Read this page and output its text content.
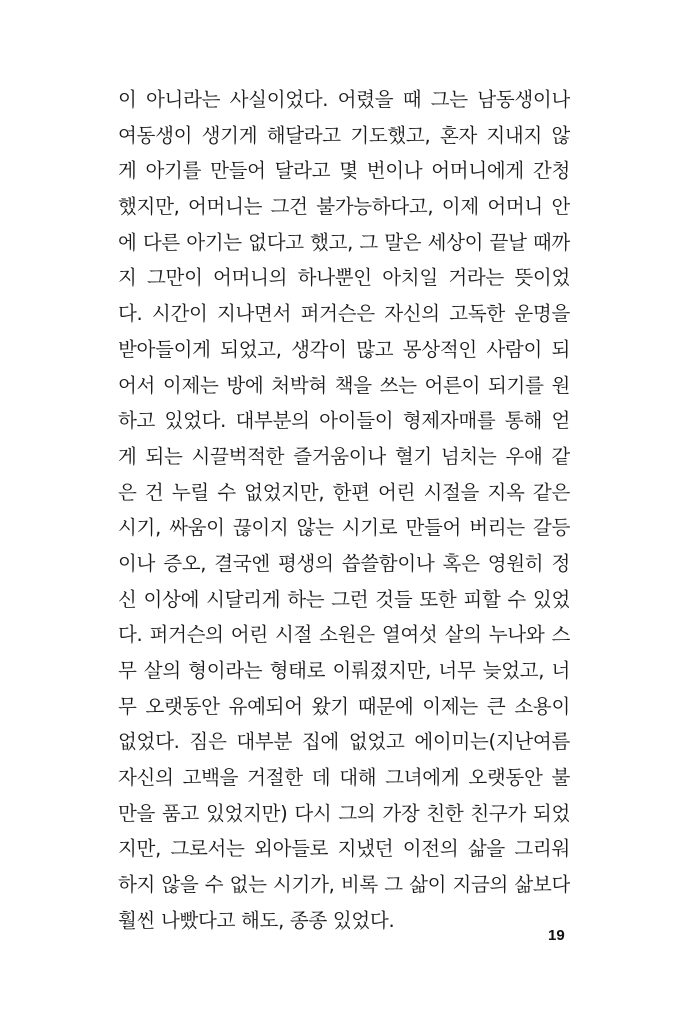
이 아니라는 사실이었다. 어렸을 때 그는 남동생이나
여동생이 생기게 해달라고 기도했고, 혼자 지내지 않
게 아기를 만들어 달라고 몇 번이나 어머니에게 간청
했지만, 어머니는 그건 불가능하다고, 이제 어머니 안
에 다른 아기는 없다고 했고, 그 말은 세상이 끝날 때까
지 그만이 어머니의 하나뿐인 아치일 거라는 뜻이었
다. 시간이 지나면서 퍼거슨은 자신의 고독한 운명을
받아들이게 되었고, 생각이 많고 몽상적인 사람이 되
어서 이제는 방에 처박혀 책을 쓰는 어른이 되기를 원
하고 있었다. 대부분의 아이들이 형제자매를 통해 얻
게 되는 시끌벅적한 즐거움이나 혈기 넘치는 우애 같
은 건 누릴 수 없었지만, 한편 어린 시절을 지옥 같은
시기, 싸움이 끊이지 않는 시기로 만들어 버리는 갈등
이나 증오, 결국엔 평생의 씁쓸함이나 혹은 영원히 정
신 이상에 시달리게 하는 그런 것들 또한 피할 수 있었
다. 퍼거슨의 어린 시절 소원은 열여섯 살의 누나와 스
무 살의 형이라는 형태로 이뤄졌지만, 너무 늦었고, 너
무 오랫동안 유예되어 왔기 때문에 이제는 큰 소용이
없었다. 짐은 대부분 집에 없었고 에이미는(지난여름
자신의 고백을 거절한 데 대해 그녀에게 오랫동안 불
만을 품고 있었지만) 다시 그의 가장 친한 친구가 되었
지만, 그로서는 외아들로 지냈던 이전의 삶을 그리워
하지 않을 수 없는 시기가, 비록 그 삶이 지금의 삶보다
훨씬 나빴다고 해도, 종종 있었다.
19
